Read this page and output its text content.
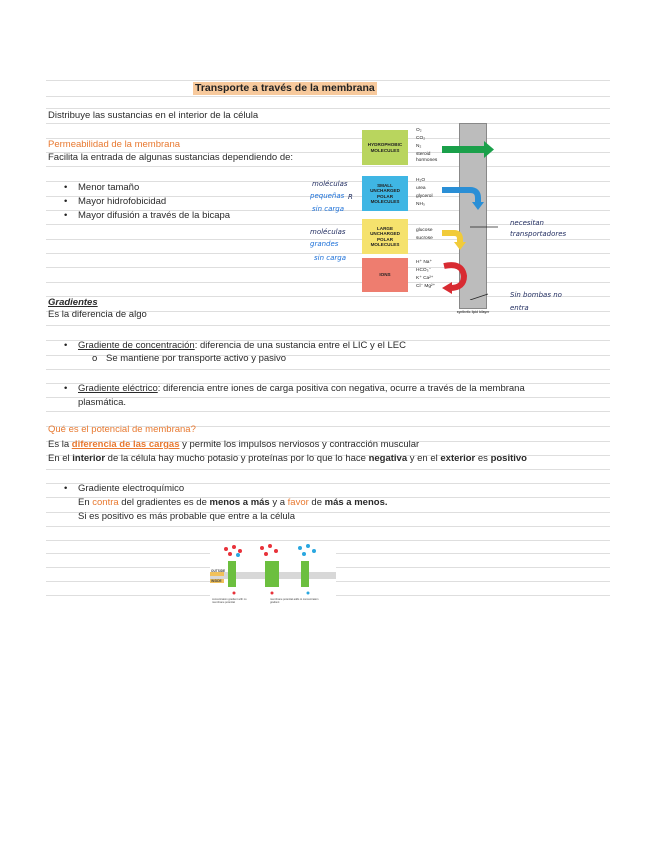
Transporte a través de la membrana
Distribuye las sustancias en el interior de la célula
Permeabilidad de la membrana
Facilita la entrada de algunas sustancias dependiendo de:
• Menor tamaño
• Mayor hidrofobicidad
• Mayor difusión a través de la bicapa
synthetic lipid bilayer
HYDROPHOBIC MOLECULES
SMALL UNCHARGED POLAR MOLECULES
LARGE UNCHARGED POLAR MOLECULES
IONS
O₂
CO₂
N₂
steroid hormones
H₂O
urea
glycerol
NH₃
glucose
sucrose
H⁺ Na⁺
HCO₃⁻
K⁺ Ca²⁺
Cl⁻ Mg²⁺
moléculas
pequeñas R
sin carga
moléculas
grandes
sin carga
necesitan
transportadores
Sin bombas no
entra
Gradientes
Es la diferencia de algo
• Gradiente de concentración: diferencia de una sustancia entre el LIC y el LEC
o Se mantiene por transporte activo y pasivo
• Gradiente eléctrico: diferencia entre iones de carga positiva con negativa, ocurre a través de la membrana
plasmática.
Qué es el potencial de membrana?
Es la diferencia de las cargas y permite los impulsos nerviosos y contracción muscular
En el interior de la célula hay mucho potasio y proteínas por lo que lo hace negativa y en el exterior es positivo
• Gradiente electroquímico
En contra del gradientes es de menos a más y a favor de más a menos.
Si es positivo es más probable que entre a la célula
OUTSIDE
INSIDE
concentration gradient with no membrane potential
membrane potential adds to concentration gradient
